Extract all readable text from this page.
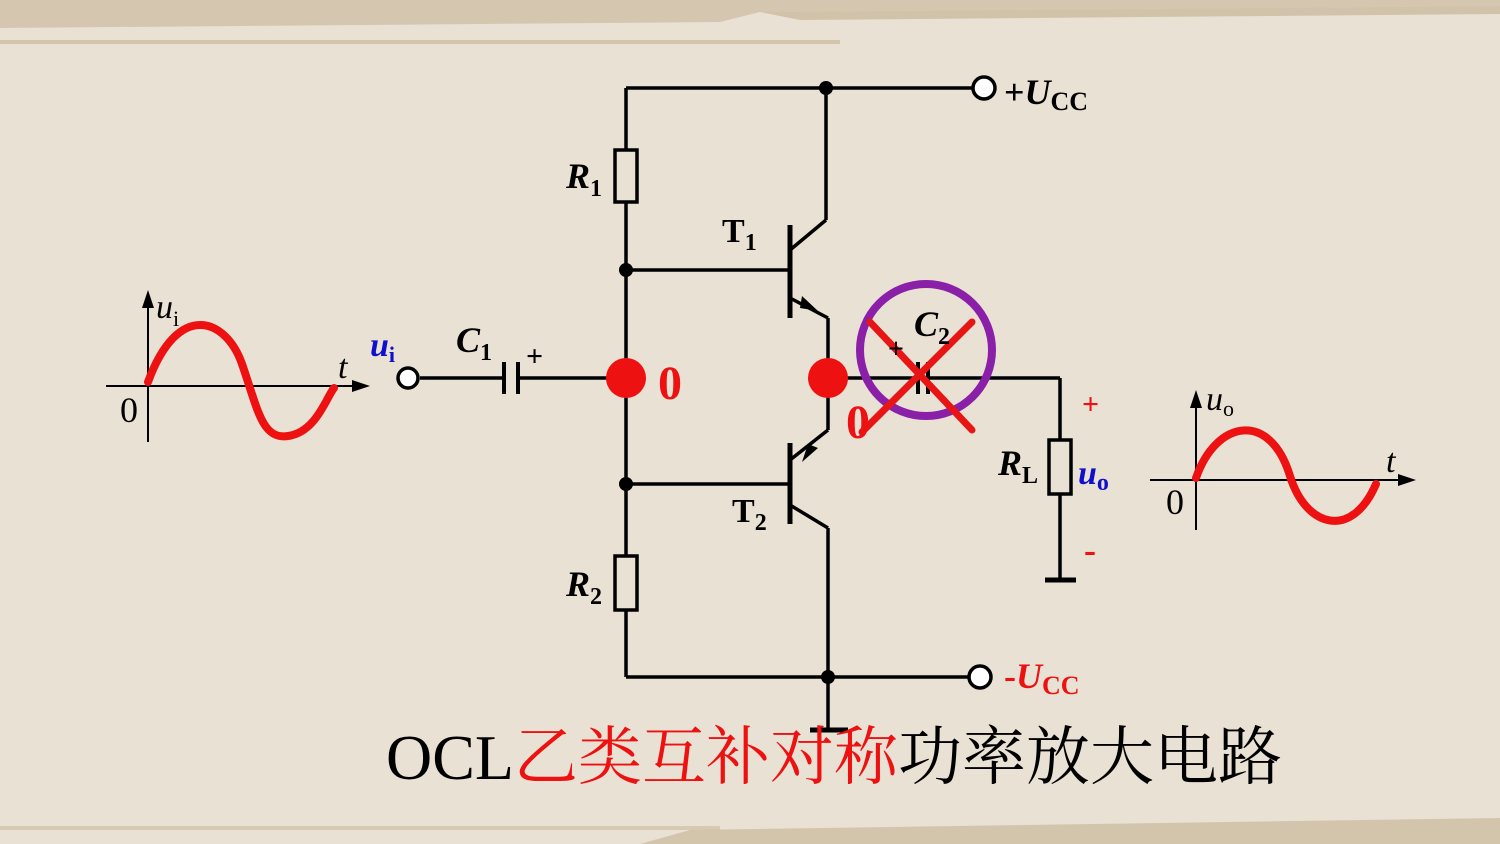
+UCC
-UCC
$R_1$
$R_2$
$R_L$
$T_1$
$T_2$
$C_1$ +
$C_2$
+
ui
uo
+
-
0
0
$u_i$
t
0	uo
t
0
OCL乙类互补对称功率放大电路
